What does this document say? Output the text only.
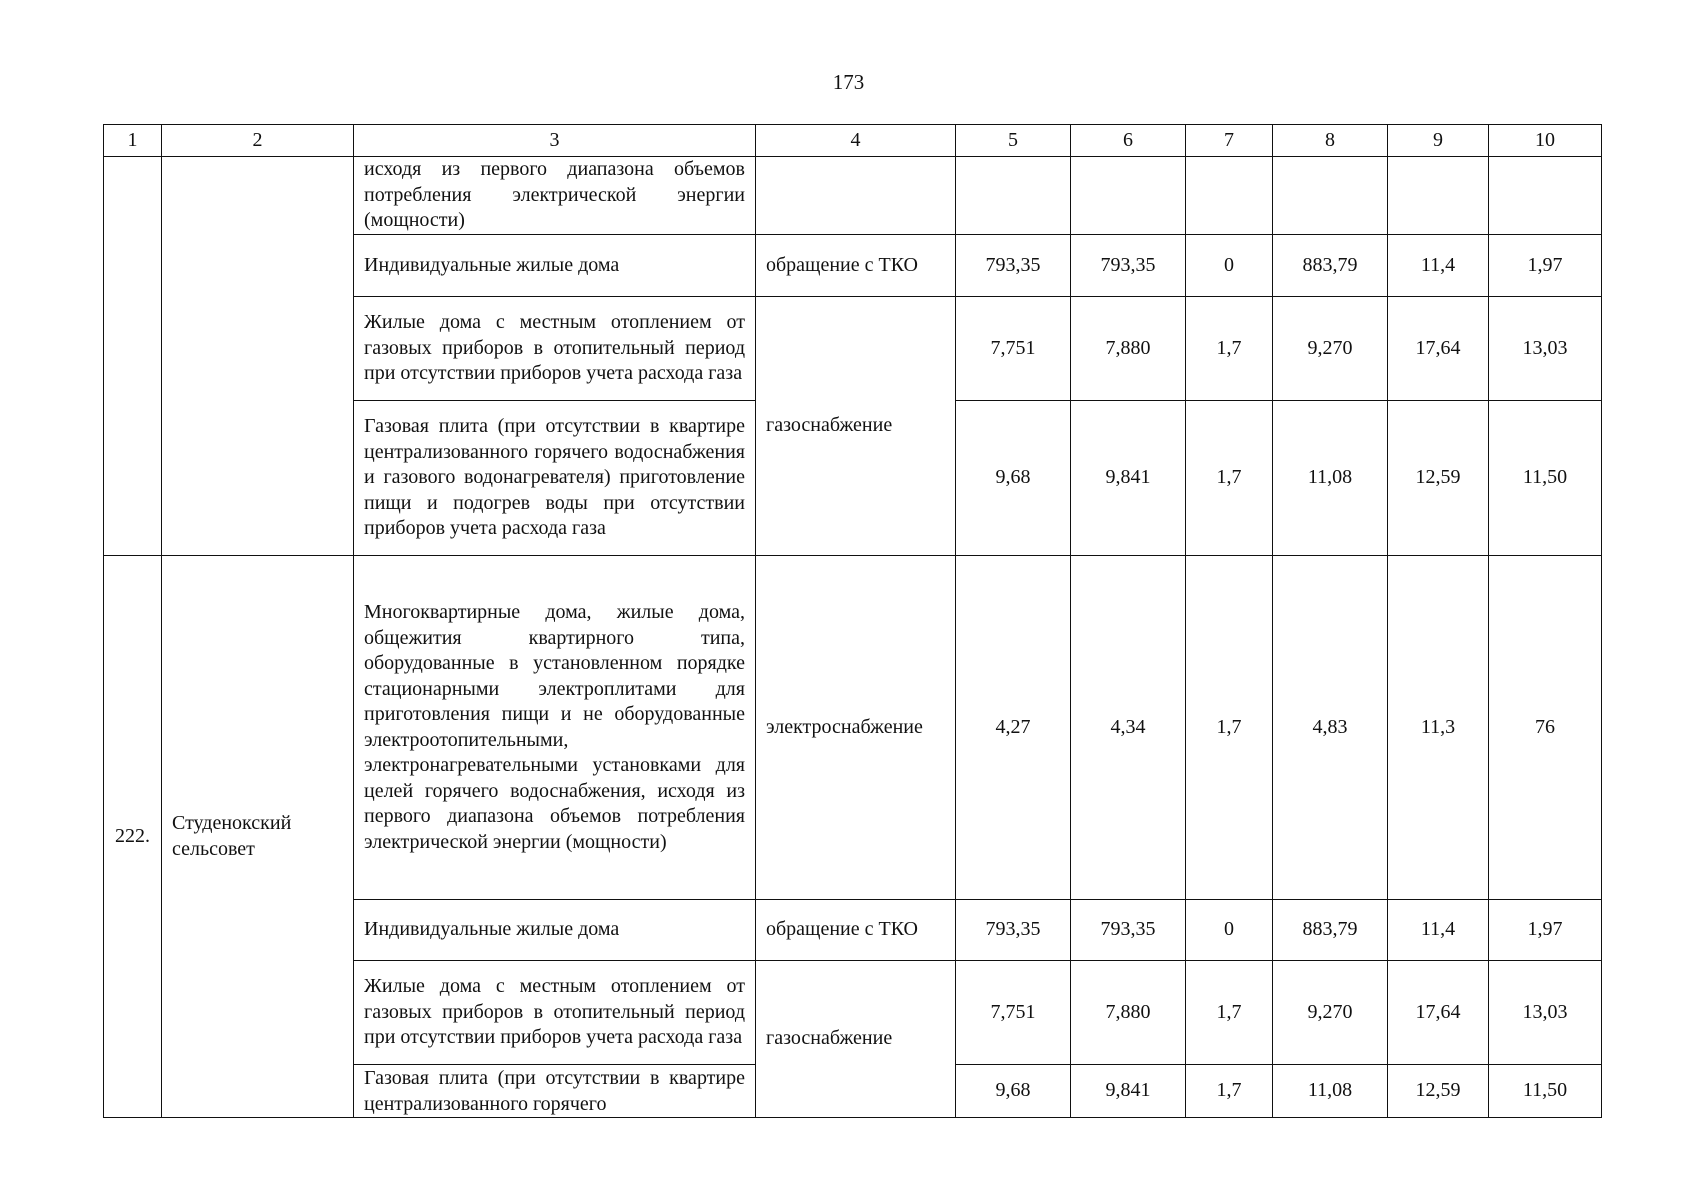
173
1	2	3	4	5	6	7	8	9	10
		исходя из первого диапазона объемов потребления электрической энергии (мощности)							
		Индивидуальные жилые дома	обращение с ТКО	793,35	793,35	0	883,79	11,4	1,97
		Жилые дома с местным отоплением от газовых приборов в отопительный период при отсутствии приборов учета расхода газа	газоснабжение	7,751	7,880	1,7	9,270	17,64	13,03
		Газовая плита (при отсутствии в квартире централизованного горячего водоснабжения и газового водонагревателя) приготовление пищи и подогрев воды при отсутствии приборов учета расхода газа		9,68	9,841	1,7	11,08	12,59	11,50
222.	Студенокский сельсовет	Многоквартирные дома, жилые дома, общежития квартирного типа, оборудованные в установленном порядке стационарными электроплитами для приготовления пищи и не оборудованные электроотопительными, электронагревательными установками для целей горячего водоснабжения, исходя из первого диапазона объемов потребления электрической энергии (мощности)	электроснабжение	4,27	4,34	1,7	4,83	11,3	76
		Индивидуальные жилые дома	обращение с ТКО	793,35	793,35	0	883,79	11,4	1,97
		Жилые дома с местным отоплением от газовых приборов в отопительный период при отсутствии приборов учета расхода газа	газоснабжение	7,751	7,880	1,7	9,270	17,64	13,03
		Газовая плита (при отсутствии в квартире централизованного горячего		9,68	9,841	1,7	11,08	12,59	11,50
